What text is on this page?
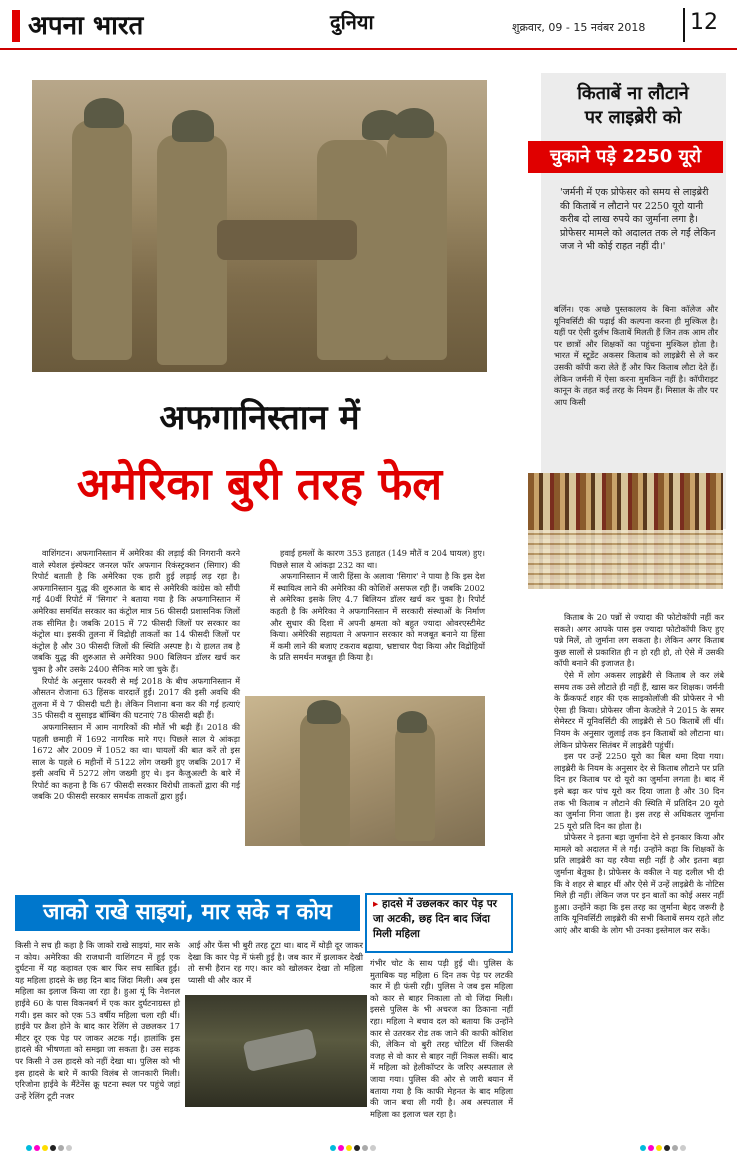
अपना भारत	दुनिया	शुक्रवार, 09 - 15 नवंबर 2018 12
अफगानिस्तान में
अमेरिका बुरी तरह फेल

वाशिंगटन। अफगानिस्तान में अमेरिका की लड़ाई की निगरानी करने वाले स्पेशल इंस्पेक्टर जनरल फॉर अफगान रिकंस्ट्रक्शन (सिगार) की रिपोर्ट बताती है कि अमेरिका एक हारी हुई लड़ाई लड़ रहा है। अफगानिस्तान युद्ध की शुरुआत के बाद से अमेरिकी कांग्रेस को सौंपी गई 40वीं रिपोर्ट में 'सिगार' ने बताया गया है कि अफगानिस्तान में अमेरिका समर्थित सरकार का कंट्रोल मात्र 56 फीसदी प्रशासनिक जिलों तक सीमित है। जबकि 2015 में 72 फीसदी जिलों पर सरकार का कंट्रोल था। इसकी तुलना में विद्रोही ताकतों का 14 फीसदी जिलों पर कंट्रोल है और 30 फीसदी जिलों की स्थिति अस्पष्ट है। ये हालत तब है जबकि युद्ध की शुरुआत से अमेरिका 900 बिलियन डॉलर खर्च कर चुका है और उसके 2400 सैनिक मारे जा चुके हैं।

रिपोर्ट के अनुसार फरवरी से मई 2018 के बीच अफगानिस्तान में औसतन रोजाना 63 हिंसक वारदातें हुईं। 2017 की इसी अवधि की तुलना में ये 7 फीसदी घटी है। लेकिन निशाना बना कर की गई हत्याएं 35 फीसदी व सुसाइड बॉम्बिंग की घटनाएं 78 फीसदी बढ़ी हैं।

अफगानिस्तान में आम नागरिकों की मौतें भी बढ़ी हैं। 2018 की पहली छमाही में 1692 नागरिक मारे गए। पिछले साल ये आंकड़ा 1672 और 2009 में 1052 का था। घायलों की बात करें तो इस साल के पहले 6 महीनों में 5122 लोग जख्मी हुए जबकि 2017 में इसी अवधि में 5272 लोग जख्मी हुए थे। इन कैजुअल्टी के बारे में रिपोर्ट का कहना है कि 67 फीसदी सरकार विरोधी ताकतों द्वारा की गई जबकि 20 फीसदी सरकार समर्थक ताकतों द्वारा हुईं।

हवाई हमलों के कारण 353 हताहत (149 मौतें व 204 घायल) हुए। पिछले साल ये आंकड़ा 232 का था।

अफगानिस्तान में जारी हिंसा के अलावा 'सिगार' ने पाया है कि इस देश में स्थायित्व लाने की अमेरिका की कोशिशें असफल रही हैं। जबकि 2002 से अमेरिका इसके लिए 4.7 बिलियन डॉलर खर्च कर चुका है। रिपोर्ट कहती है कि अमेरिका ने अफगानिस्तान में सरकारी संस्थाओं के निर्माण और सुधार की दिशा में अपनी क्षमता को बहुत ज्यादा ओवरएस्टीमेट किया। अमेरिकी सहायता ने अफगान सरकार को मजबूत बनाने या हिंसा में कमी लाने की बजाए टकराव बढ़ाया, भ्रष्टाचार पैदा किया और विद्रोहियों के प्रति समर्थन मजबूत ही किया है।

किताबें ना लौटाने
पर लाइब्रेरी को
चुकाने पड़े 2250 यूरो
'जर्मनी में एक प्रोफेसर को समय से लाइब्रेरी की किताबें न लौटाने पर 2250 यूरो यानी करीब दो लाख रुपये का जुर्माना लगा है। प्रोफेसर मामले को अदालत तक ले गईं लेकिन जज ने भी कोई राहत नहीं दी।'
बर्लिन। एक अच्छे पुस्तकालय के बिना कॉलेज और यूनिवर्सिटी की पढ़ाई की कल्पना करना ही मुश्किल है। यहीं पर ऐसी दुर्लभ किताबें मिलती हैं जिन तक आम तौर पर छात्रों और शिक्षकों का पहुंचना मुश्किल होता है। भारत में स्टूडेंट अकसर किताब को लाइब्रेरी से ले कर उसकी कॉपी करा लेते हैं और फिर किताब लौटा देते हैं। लेकिन जर्मनी में ऐसा करना मुमकिन नहीं है। कॉपीराइट कानून के तहत कई तरह के नियम हैं। मिसाल के तौर पर आप किसी

किताब के 20 पन्नों से ज्यादा की फोटोकॉपी नहीं कर सकते। अगर आपके पास इस ज्यादा फोटोकॉपी किए हुए पन्ने मिलें, तो जुर्माना लग सकता है। लेकिन अगर किताब कुछ सालों से प्रकाशित ही न हो रही हो, तो ऐसे में उसकी कॉपी बनाने की इजाजत है।

ऐसे में लोग अकसर लाइब्रेरी से किताब ले कर लंबे समय तक उसे लौटाते ही नहीं हैं, खास कर शिक्षक। जर्मनी के फ्रैंकफर्ट शहर की एक साइकोलॉजी की प्रोफेसर ने भी ऐसा ही किया। प्रोफेसर जीना केजटेले ने 2015 के समर सेमेस्टर में यूनिवर्सिटी की लाइब्रेरी से 50 किताबें लीं थीं। नियम के अनुसार जुलाई तक इन किताबों को लौटाना था। लेकिन प्रोफेसर सितंबर में लाइब्रेरी पहुंचीं।

इस पर उन्हें 2250 यूरो का बिल थमा दिया गया। लाइब्रेरी के नियम के अनुसार देर से किताब लौटाने पर प्रति दिन हर किताब पर दो यूरो का जुर्माना लगता है। बाद में इसे बढ़ा कर पांच यूरो कर दिया जाता है और 30 दिन तक भी किताब न लौटाने की स्थिति में प्रतिदिन 20 यूरो का जुर्माना गिना जाता है। इस तरह से अधिकतर जुर्माना 25 यूरो प्रति दिन का होता है।

प्रोफेसर ने इतना बड़ा जुर्माना देने से इनकार किया और मामले को अदालत में ले गईं। उन्होंने कहा कि शिक्षकों के प्रति लाइब्रेरी का यह रवैया सही नहीं है और इतना बड़ा जुर्माना बेतुका है। प्रोफेसर के वकील ने यह दलील भी दी कि वे शहर से बाहर थीं और ऐसे में उन्हें लाइब्रेरी के नोटिस मिले ही नहीं। लेकिन जज पर इन बातों का कोई असर नहीं हुआ। उन्होंने कहा कि इस तरह का जुर्माना बेहद जरूरी है ताकि यूनिवर्सिटी लाइब्रेरी की सभी किताबें समय रहते लौट आएं और बाकी के लोग भी उनका इस्तेमाल कर सकें।

जाको राखे साइयां, मार सके न कोय	▸ हादसे में उछलकर कार पेड़ पर जा अटकी, छह दिन बाद जिंदा मिली महिला
किसी ने सच ही कहा है कि जाको राखे साइयां, मार सके न कोय। अमेरिका की राजधानी वाशिंगटन में हुई एक दुर्घटना में यह कहावत एक बार फिर सच साबित हुई। यह महिला हादसे के छह दिन बाद जिंदा मिली। अब इस महिला का इलाज किया जा रहा है। हुआ यूं कि नेशनल हाईवे 60 के पास विकनबर्ग में एक कार दुर्घटनाग्रस्त हो गयी। इस कार को एक 53 वर्षीय महिला चला रही थीं। हाईवे पर क्रैश होने के बाद कार रेलिंग से उछलकर 17 मीटर दूर एक पेड़ पर जाकर अटक गई। हालांकि इस हादसे की भीषणता को समझा जा सकता है। उस सड़क पर किसी ने उस हादसे को नहीं देखा था। पुलिस को भी इस हादसे के बारे में काफी विलंब से जानकारी मिली। एरिजोना हाईवे के मैंटेनेंस क्रू घटना स्थल पर पहुंचे जहां उन्हें रेलिंग टूटी नजर
आई और फेंस भी बुरी तरह टूटा था। बाद में थोड़ी दूर जाकर देखा कि कार पेड़ में फंसी हुई है। जब कार में झलाकर देखी तो सभी हैरान रह गए। कार को खोलकर देखा तो महिला प्यासी थी और कार में
गंभीर चोट के साथ पड़ी हुई थी। पुलिस के मुताबिक यह महिला 6 दिन तक पेड़ पर लटकी कार में ही फंसी रही। पुलिस ने जब इस महिला को कार से बाहर निकाला तो वो जिंदा मिली। इससे पुलिस के भी अचरज का ठिकाना नहीं रहा। महिला ने बचाव दल को बताया कि उन्होंने कार से उतरकर रोड तक जाने की काफी कोशिश की, लेकिन वो बुरी तरह चोटिल थीं जिसकी वजह से वो कार से बाहर नहीं निकल सकीं। बाद में महिला को हेलीकॉप्टर के जरिए अस्पताल ले जाया गया। पुलिस की ओर से जारी बयान में बताया गया है कि काफी मेहनत के बाद महिला की जान बचा ली गयी है। अब अस्पताल में महिला का इलाज चल रहा है।
